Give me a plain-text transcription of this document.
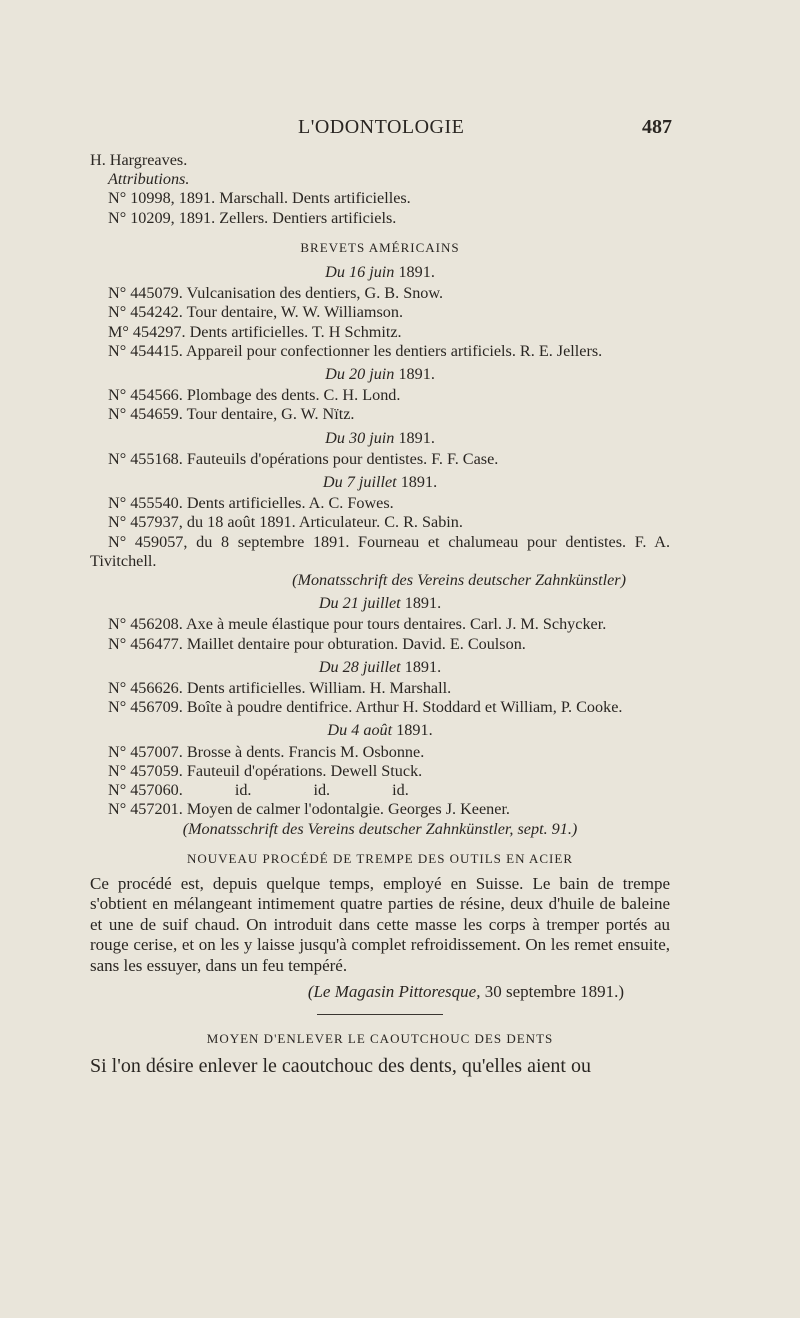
L'ODONTOLOGIE	487
H. Hargreaves.
Attributions.
N° 10998, 1891. Marschall. Dents artificielles.
N° 10209, 1891. Zellers. Dentiers artificiels.
BREVETS AMÉRICAINS
Du 16 juin 1891.
N° 445079. Vulcanisation des dentiers, G. B. Snow.
N° 454242. Tour dentaire, W. W. Williamson.
M° 454297. Dents artificielles. T. H Schmitz.
N° 454415. Appareil pour confectionner les dentiers artificiels. R. E. Jellers.
Du 20 juin 1891.
N° 454566. Plombage des dents. C. H. Lond.
N° 454659. Tour dentaire, G. W. Nïtz.
Du 30 juin 1891.
N° 455168. Fauteuils d'opérations pour dentistes. F. F. Case.
Du 7 juillet 1891.
N° 455540. Dents artificielles. A. C. Fowes.
N° 457937, du 18 août 1891. Articulateur. C. R. Sabin.
N° 459057, du 8 septembre 1891. Fourneau et chalumeau pour dentistes. F. A. Tivitchell.
(Monatsschrift des Vereins deutscher Zahnkünstler)
Du 21 juillet 1891.
N° 456208. Axe à meule élastique pour tours dentaires. Carl. J. M. Schycker.
N° 456477. Maillet dentaire pour obturation. David. E. Coulson.
Du 28 juillet 1891.
N° 456626. Dents artificielles. William. H. Marshall.
N° 456709. Boîte à poudre dentifrice. Arthur H. Stoddard et William, P. Cooke.
Du 4 août 1891.
N° 457007. Brosse à dents. Francis M. Osbonne.
N° 457059. Fauteuil d'opérations. Dewell Stuck.
N° 457060.	id.	id.	id.
N° 457201. Moyen de calmer l'odontalgie. Georges J. Keener.
(Monatsschrift des Vereins deutscher Zahnkünstler, sept. 91.)
NOUVEAU PROCÉDÉ DE TREMPE DES OUTILS EN ACIER
Ce procédé est, depuis quelque temps, employé en Suisse. Le bain de trempe s'obtient en mélangeant intimement quatre parties de résine, deux d'huile de baleine et une de suif chaud. On introduit dans cette masse les corps à tremper portés au rouge cerise, et on les y laisse jusqu'à complet refroidissement. On les remet ensuite, sans les essuyer, dans un feu tempéré.
(Le Magasin Pittoresque, 30 septembre 1891.)
MOYEN D'ENLEVER LE CAOUTCHOUC DES DENTS
Si l'on désire enlever le caoutchouc des dents, qu'elles aient ou
